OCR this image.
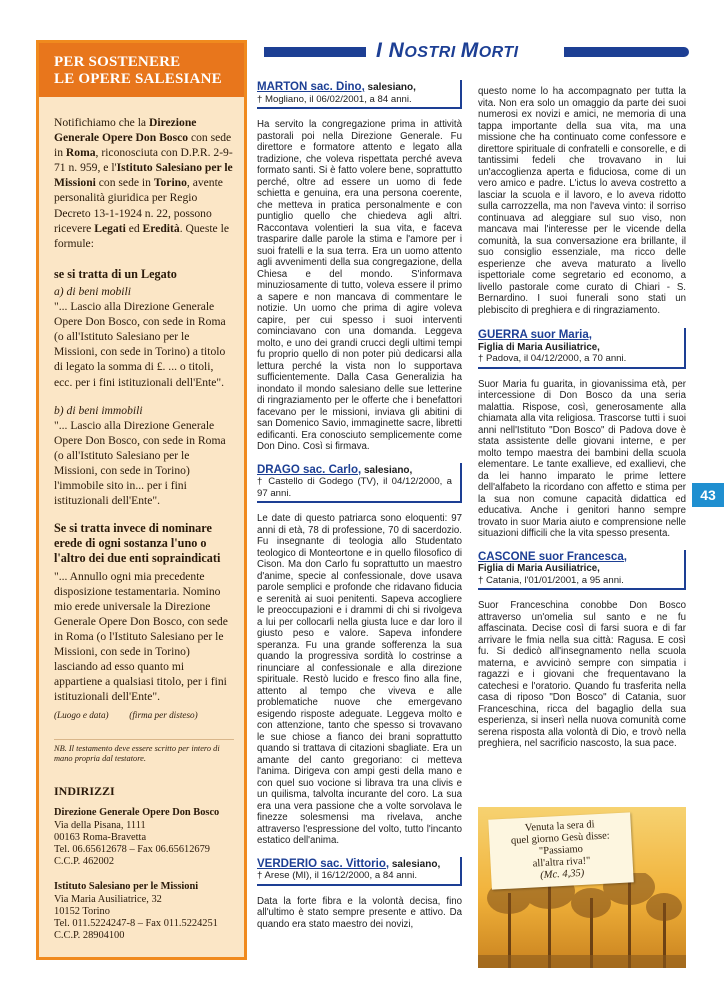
PER SOSTENERE
LE OPERE SALESIANE

Notifichiamo che la Direzione Generale Opere Don Bosco con sede in Roma, riconosciuta con D.P.R. 2-9-71 n. 959, e l'Istituto Salesiano per le Missioni con sede in Torino, avente personalità giuridica per Regio Decreto 13-1-1924 n. 22, possono ricevere Legati ed Eredità. Queste le formule:

se si tratta di un Legato
a) di beni mobili
"... Lascio alla Direzione Generale Opere Don Bosco, con sede in Roma (o all'Istituto Salesiano per le Missioni, con sede in Torino) a titolo di legato la somma di £. ... o titoli, ecc. per i fini istituzionali dell'Ente".
b) di beni immobili
"... Lascio alla Direzione Generale Opere Don Bosco, con sede in Roma (o all'Istituto Salesiano per le Missioni, con sede in Torino) l'immobile sito in... per i fini istituzionali dell'Ente".
Se si tratta invece di nominare erede di ogni sostanza l'uno o l'altro dei due enti sopraindicati
"... Annullo ogni mia precedente disposizione testamentaria. Nomino mio erede universale la Direzione Generale Opere Don Bosco, con sede in Roma (o l'Istituto Salesiano per le Missioni, con sede in Torino) lasciando ad esso quanto mi appartiene a qualsiasi titolo, per i fini istituzionali dell'Ente".
(Luogo e data) (firma per disteso)
NB. Il testamento deve essere scritto per intero di mano propria dal testatore.
INDIRIZZI
Direzione Generale Opere Don Bosco
Via della Pisana, 1111
00163 Roma-Bravetta
Tel. 06.65612678 – Fax 06.65612679
C.C.P. 462002
Istituto Salesiano per le Missioni
Via Maria Ausiliatrice, 32
10152 Torino
Tel. 011.5224247-8 – Fax 011.5224251
C.C.P. 28904100
I NOSTRI MORTI
MARTON sac. Dino, salesiano,
† Mogliano, il 06/02/2001, a 84 anni.

Ha servito la congregazione prima in attività pastorali poi nella Direzione Generale. Fu direttore e formatore attento e legato alla tradizione, che voleva rispettata perché aveva formato santi. Si è fatto volere bene, soprattutto perché, oltre ad essere un uomo di fede schietta e genuina, era una persona coerente, che metteva in pratica personalmente e con puntiglio quello che chiedeva agli altri. Raccontava volentieri la sua vita, e faceva trasparire dalle parole la stima e l'amore per i suoi fratelli e la sua terra. Era un uomo attento agli avvenimenti della sua congregazione, della Chiesa e del mondo. S'informava minuziosamente di tutto, voleva essere il primo a sapere e non mancava di commentare le notizie. Un uomo che prima di agire voleva capire, per cui spesso i suoi interventi cominciavano con una domanda. Leggeva molto, e uno dei grandi crucci degli ultimi tempi fu proprio quello di non poter più dedicarsi alla lettura perché la vista non lo supportava sufficientemente. Dalla Casa Generalizia ha inondato il mondo salesiano delle sue letterine di ringraziamento per le offerte che i benefattori facevano per le missioni, inviava gli abitini di san Domenico Savio, immaginette sacre, libretti edificanti. Era conosciuto semplicemente come Don Dino. Così si firmava.

DRAGO sac. Carlo, salesiano,
† Castello di Godego (TV), il 04/12/2000, a 97 anni.

Le date di questo patriarca sono eloquenti: 97 anni di età, 78 di professione, 70 di sacerdozio. Fu insegnante di teologia allo Studentato teologico di Monteortone e in quello filosofico di Cison. Ma don Carlo fu soprattutto un maestro d'anime, specie al confessionale, dove usava parole semplici e profonde che ridavano fiducia e serenità ai suoi penitenti. Sapeva accogliere le preoccupazioni e i drammi di chi si rivolgeva a lui per collocarli nella giusta luce e dar loro il giusto peso e valore. Sapeva infondere speranza. Fu una grande sofferenza la sua quando la progressiva sordità lo costrinse a rinunciare al confessionale e alla direzione spirituale. Restò lucido e fresco fino alla fine, attento al tempo che viveva e alle problematiche nuove che emergevano esigendo risposte adeguate. Leggeva molto e con attenzione, tanto che spesso si trovavano le sue chiose a fianco dei brani soprattutto quando si trattava di citazioni sbagliate. Era un amante del canto gregoriano: ci metteva l'anima. Dirigeva con ampi gesti della mano e con quel suo vocione si librava tra una clivis e un quilisma, talvolta incurante del coro. La sua era una vera passione che a volte sorvolava le finezze solesmensi ma rivelava, anche attraverso l'espressione del volto, tutto l'incanto estatico dell'anima.

VERDERIO sac. Vittorio, salesiano,
† Arese (MI), il 16/12/2000, a 84 anni.

Data la forte fibra e la volontà decisa, fino all'ultimo è stato sempre presente e attivo. Da quando era stato maestro dei novizi,

questo nome lo ha accompagnato per tutta la vita. Non era solo un omaggio da parte dei suoi numerosi ex novizi e amici, ne memoria di una tappa importante della sua vita, ma una missione che ha continuato come confessore e direttore spirituale di confratelli e consorelle, e di tantissimi fedeli che trovavano in lui un'accoglienza aperta e fiduciosa, come di un vero amico e padre. L'ictus lo aveva costretto a lasciar la scuola e il lavoro, e lo aveva ridotto sulla carrozzella, ma non l'aveva vinto: il sorriso continuava ad aleggiare sul suo viso, non mancava mai l'interesse per le vicende della comunità, la sua conversazione era brillante, il suo consiglio essenziale, ma ricco delle esperienze che aveva maturato a livello ispettoriale come segretario ed economo, a livello pastorale come curato di Chiari - S. Bernardino. I suoi funerali sono stati un plebiscito di preghiera e di ringraziamento.

GUERRA suor Maria,
Figlia di Maria Ausiliatrice,
† Padova, il 04/12/2000, a 70 anni.

Suor Maria fu guarita, in giovanissima età, per intercessione di Don Bosco da una seria malattia. Rispose, così, generosamente alla chiamata alla vita religiosa. Trascorse tutti i suoi anni nell'Istituto "Don Bosco" di Padova dove è stata assistente delle giovani interne, e per molto tempo maestra dei bambini della scuola elementare. Le tante exallieve, ed exallievi, che da lei hanno imparato le prime lettere dell'alfabeto la ricordano con affetto e stima per la sua non comune capacità didattica ed educativa. Anche i genitori hanno sempre trovato in suor Maria aiuto e comprensione nelle situazioni difficili che la vita spesso presenta.

CASCONE suor Francesca,
Figlia di Maria Ausiliatrice,
† Catania, l'01/01/2001, a 95 anni.

Suor Franceschina conobbe Don Bosco attraverso un'omelia sul santo e ne fu affascinata. Decise così di farsi suora e di far arrivare le fmia nella sua città: Ragusa. E così fu. Si dedicò all'insegnamento nella scuola materna, e avvicinò sempre con simpatia i ragazzi e i giovani che frequentavano la catechesi e l'oratorio. Quando fu trasferita nella casa di riposo "Don Bosco" di Catania, suor Franceschina, ricca del bagaglio della sua esperienza, si inserì nella nuova comunità come serena risposta alla volontà di Dio, e trovò nella preghiera, nel sacrificio nascosto, la sua pace.

43
Venuta la sera di
quel giorno Gesù disse:
"Passiamo
all'altra riva!"
(Mc. 4,35)
